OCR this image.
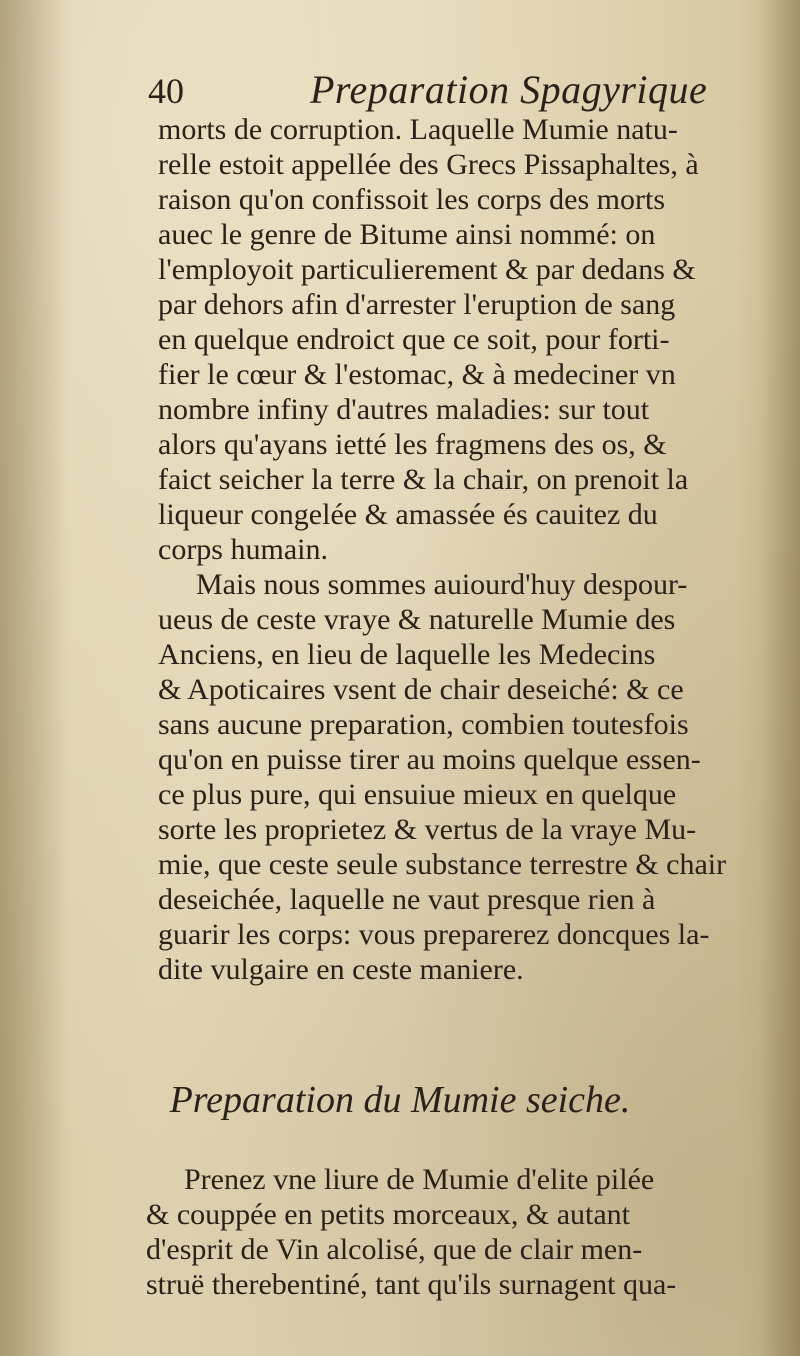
40	Preparation Spagyrique
morts de corruption. Laquelle Mumie natu-
relle estoit appellée des Grecs Pissaphaltes, à
raison qu'on confissoit les corps des morts
auec le genre de Bitume ainsi nommé: on
l'employoit particulierement & par dedans &
par dehors afin d'arrester l'eruption de sang
en quelque endroict que ce soit, pour forti-
fier le cœur & l'estomac, & à medeciner vn
nombre infiny d'autres maladies: sur tout
alors qu'ayans ietté les fragmens des os, &
faict seicher la terre & la chair, on prenoit la
liqueur congelée & amassée és cauitez du
corps humain.
Mais nous sommes auiourd'huy despour-
ueus de ceste vraye & naturelle Mumie des
Anciens, en lieu de laquelle les Medecins
& Apoticaires vsent de chair deseiché: & ce
sans aucune preparation, combien toutesfois
qu'on en puisse tirer au moins quelque essen-
ce plus pure, qui ensuiue mieux en quelque
sorte les proprietez & vertus de la vraye Mu-
mie, que ceste seule substance terrestre & chair
deseichée, laquelle ne vaut presque rien à
guarir les corps: vous preparerez doncques la-
dite vulgaire en ceste maniere.
Preparation du Mumie seiche.
Prenez vne liure de Mumie d'elite pilée
& couppée en petits morceaux, & autant
d'esprit de Vin alcolisé, que de clair men-
struë therebentiné, tant qu'ils surnagent qua-
